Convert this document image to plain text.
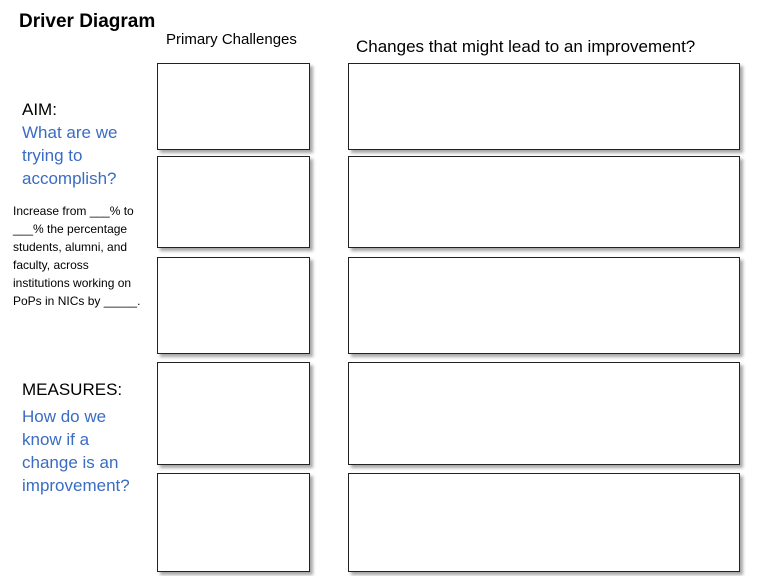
Driver Diagram
Primary Challenges	Changes that might lead to an improvement?
AIM:
What are we trying to accomplish?
Increase from ___% to ___% the percentage students, alumni, and faculty, across institutions working on PoPs in NICs by _____.
MEASURES:
How do we know if a change is an improvement?
